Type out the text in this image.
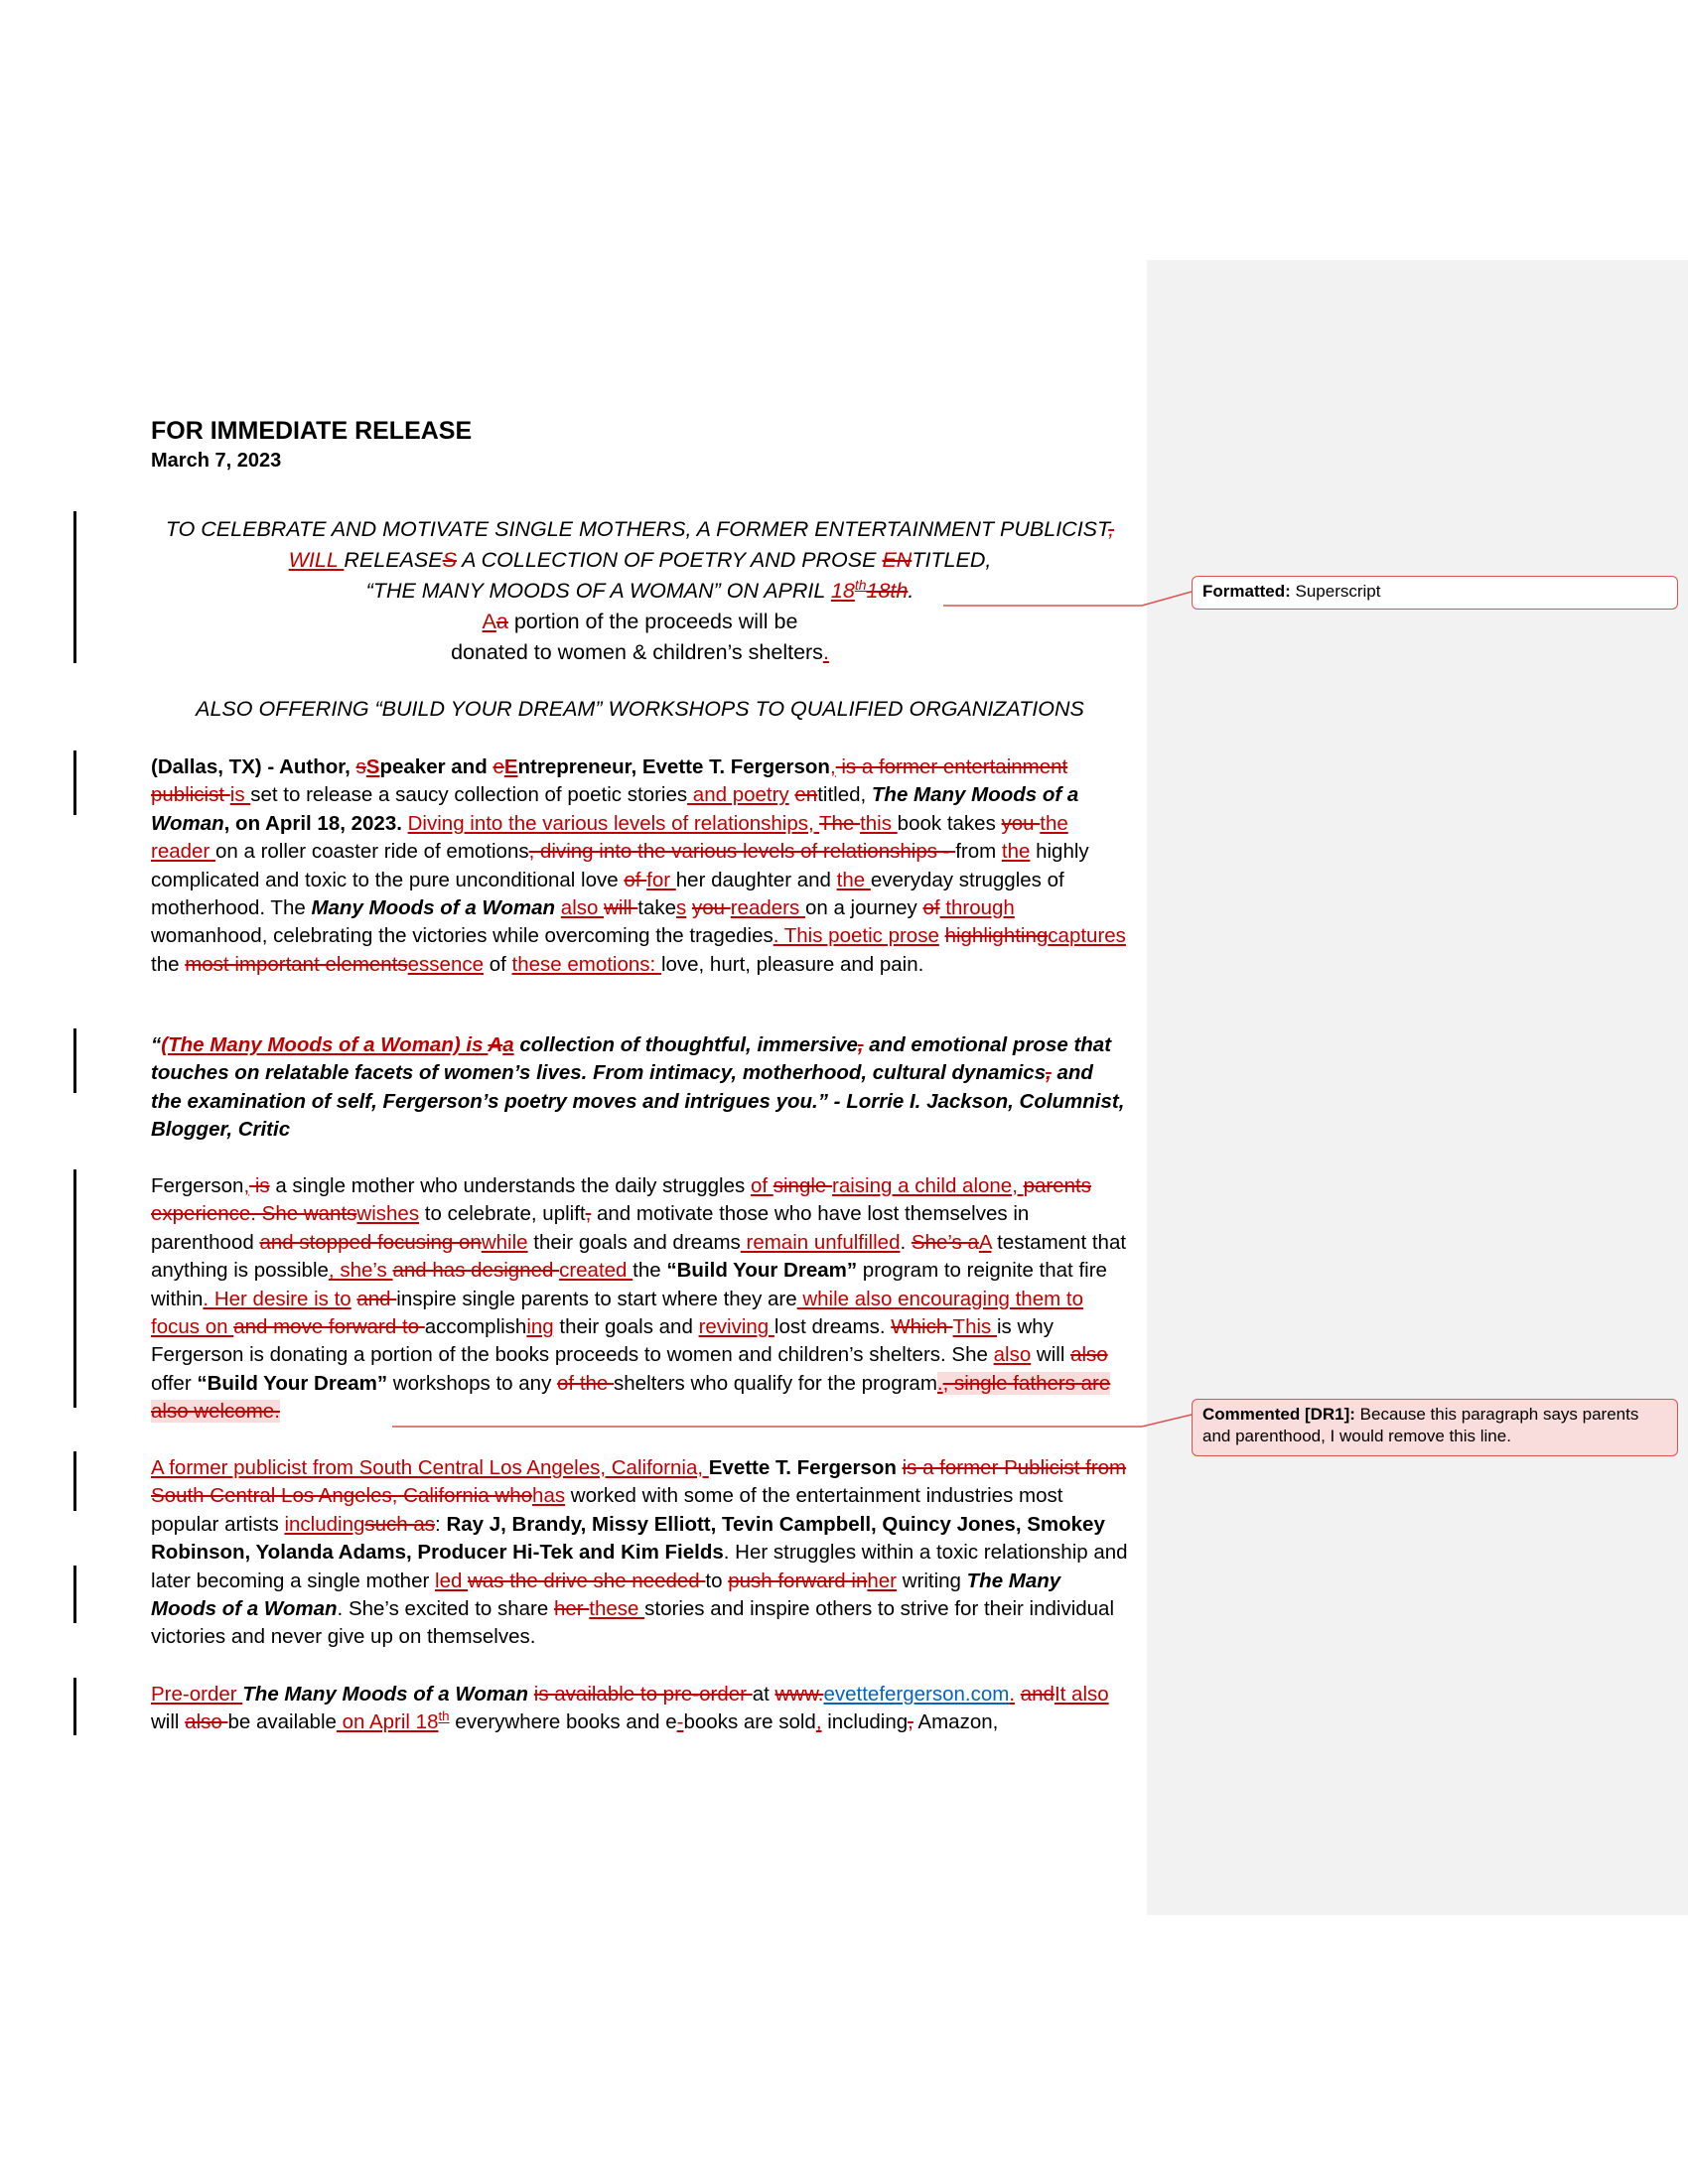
FOR IMMEDIATE RELEASE
March 7, 2023
TO CELEBRATE AND MOTIVATE SINGLE MOTHERS, A FORMER ENTERTAINMENT PUBLICIST,
WILL RELEASES A COLLECTION OF POETRY AND PROSE ENTITLED,
“THE MANY MOODS OF A WOMAN” ON APRIL 18th18th.
Aa portion of the proceeds will be
donated to women & children’s shelters.
ALSO OFFERING “BUILD YOUR DREAM” WORKSHOPS TO QUALIFIED ORGANIZATIONS
(Dallas, TX) - Author, sSpeaker and eEntrepreneur, Evette T. Fergerson, is a former entertainment publicist is set to release a saucy collection of poetic stories and poetry entitled, The Many Moods of a Woman, on April 18, 2023. Diving into the various levels of relationships, The this book takes you the reader on a roller coaster ride of emotions, diving into the various levels of relationships - from the highly complicated and toxic to the pure unconditional love of for her daughter and the everyday struggles of motherhood. The Many Moods of a Woman also will takes you readers on a journey of through womanhood, celebrating the victories while overcoming the tragedies. This poetic prose highlightingcaptures the most important elementsessence of these emotions: love, hurt, pleasure and pain.
“(The Many Moods of a Woman) is Aa collection of thoughtful, immersive, and emotional prose that touches on relatable facets of women’s lives. From intimacy, motherhood, cultural dynamics, and the examination of self, Fergerson’s poetry moves and intrigues you.” - Lorrie I. Jackson, Columnist, Blogger, Critic
Fergerson, is a single mother who understands the daily struggles of single raising a child alone, parents experience. She wantswishes to celebrate, uplift, and motivate those who have lost themselves in parenthood and stopped focusing onwhile their goals and dreams remain unfulfilled. She’s aA testament that anything is possible, she’s and has designed created the “Build Your Dream” program to reignite that fire within. Her desire is to and inspire single parents to start where they are while also encouraging them to focus on and move forward to accomplishing their goals and reviving lost dreams. Which This is why Fergerson is donating a portion of the books proceeds to women and children’s shelters. She also will also offer “Build Your Dream” workshops to any of the shelters who qualify for the program., single fathers are also welcome.
A former publicist from South Central Los Angeles, California, Evette T. Fergerson is a former Publicist from South Central Los Angeles, California whohas worked with some of the entertainment industries most popular artists includingsuch as: Ray J, Brandy, Missy Elliott, Tevin Campbell, Quincy Jones, Smokey Robinson, Yolanda Adams, Producer Hi-Tek and Kim Fields. Her struggles within a toxic relationship and later becoming a single mother led was the drive she needed to push forward inher writing The Many Moods of a Woman. She’s excited to share her these stories and inspire others to strive for their individual victories and never give up on themselves.
Pre-order The Many Moods of a Woman is available to pre-order at www.evettefergerson.com. andIt also will also be available on April 18th everywhere books and e-books are sold, including, Amazon,
Formatted: Superscript
Commented [DR1]: Because this paragraph says parents and parenthood, I would remove this line.
